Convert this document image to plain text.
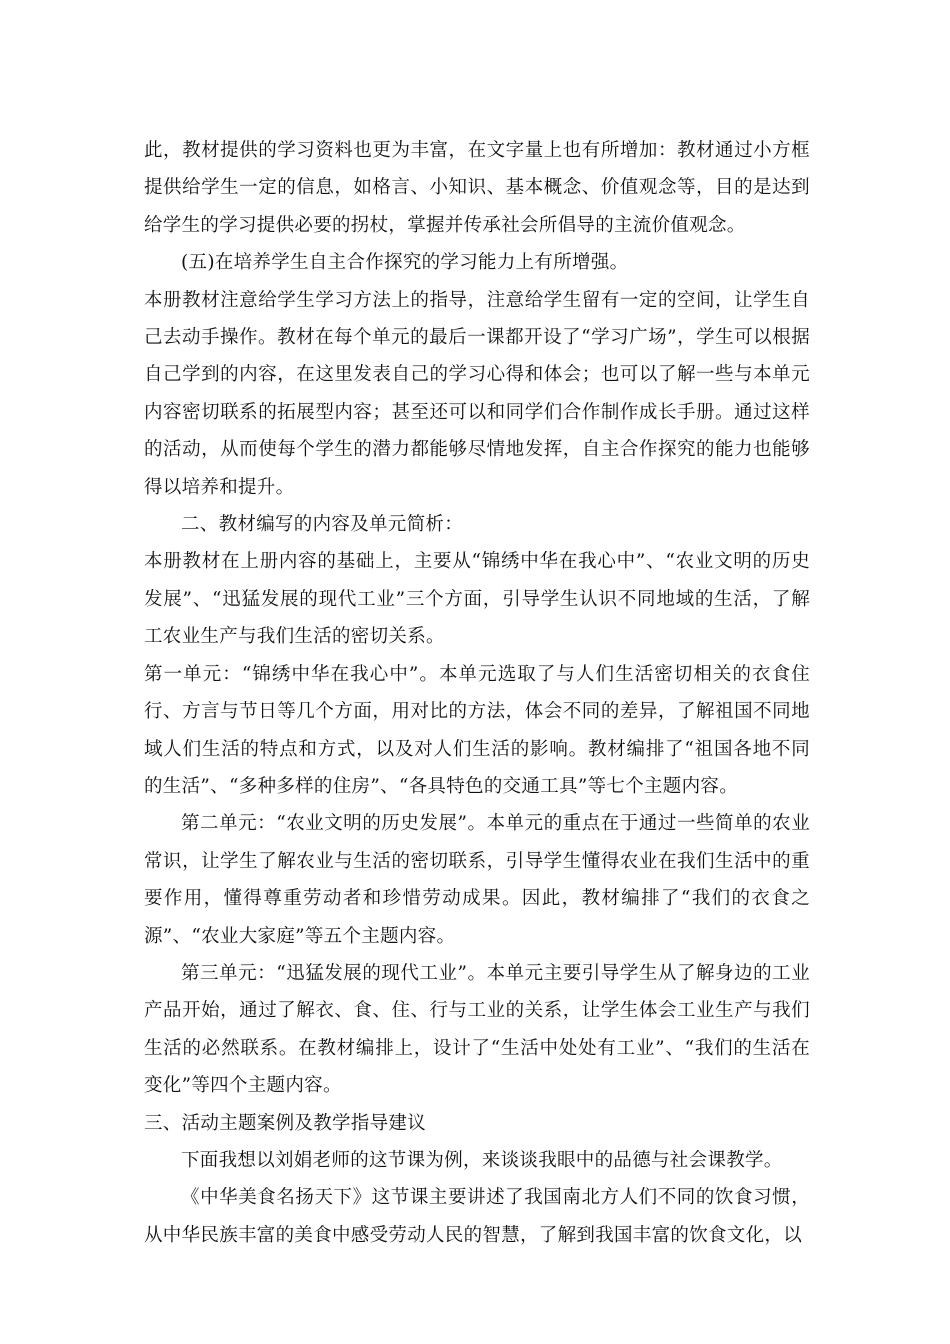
此，教材提供的学习资料也更为丰富，在文字量上也有所增加：教材通过小方框提供给学生一定的信息，如格言、小知识、基本概念、价值观念等，目的是达到给学生的学习提供必要的拐杖，掌握并传承社会所倡导的主流价值观念。

(五)在培养学生自主合作探究的学习能力上有所增强。

本册教材注意给学生学习方法上的指导，注意给学生留有一定的空间，让学生自己去动手操作。教材在每个单元的最后一课都开设了“学习广场”，学生可以根据自己学到的内容，在这里发表自己的学习心得和体会；也可以了解一些与本单元内容密切联系的拓展型内容；甚至还可以和同学们合作制作成长手册。通过这样的活动，从而使每个学生的潜力都能够尽情地发挥，自主合作探究的能力也能够得以培养和提升。

二、教材编写的内容及单元简析：

本册教材在上册内容的基础上，主要从“锦绣中华在我心中”、“农业文明的历史发展”、“迅猛发展的现代工业”三个方面，引导学生认识不同地域的生活，了解工农业生产与我们生活的密切关系。

第一单元：“锦绣中华在我心中”。本单元选取了与人们生活密切相关的衣食住行、方言与节日等几个方面，用对比的方法，体会不同的差异，了解祖国不同地域人们生活的特点和方式，以及对人们生活的影响。教材编排了“祖国各地不同的生活”、“多种多样的住房”、“各具特色的交通工具”等七个主题内容。

第二单元：“农业文明的历史发展”。本单元的重点在于通过一些简单的农业常识，让学生了解农业与生活的密切联系，引导学生懂得农业在我们生活中的重要作用，懂得尊重劳动者和珍惜劳动成果。因此，教材编排了“我们的衣食之源”、“农业大家庭”等五个主题内容。

第三单元：“迅猛发展的现代工业”。本单元主要引导学生从了解身边的工业产品开始，通过了解衣、食、住、行与工业的关系，让学生体会工业生产与我们生活的必然联系。在教材编排上，设计了“生活中处处有工业”、“我们的生活在变化”等四个主题内容。

三、活动主题案例及教学指导建议

下面我想以刘娟老师的这节课为例，来谈谈我眼中的品德与社会课教学。

《中华美食名扬天下》这节课主要讲述了我国南北方人们不同的饮食习惯，从中华民族丰富的美食中感受劳动人民的智慧，了解到我国丰富的饮食文化，以
